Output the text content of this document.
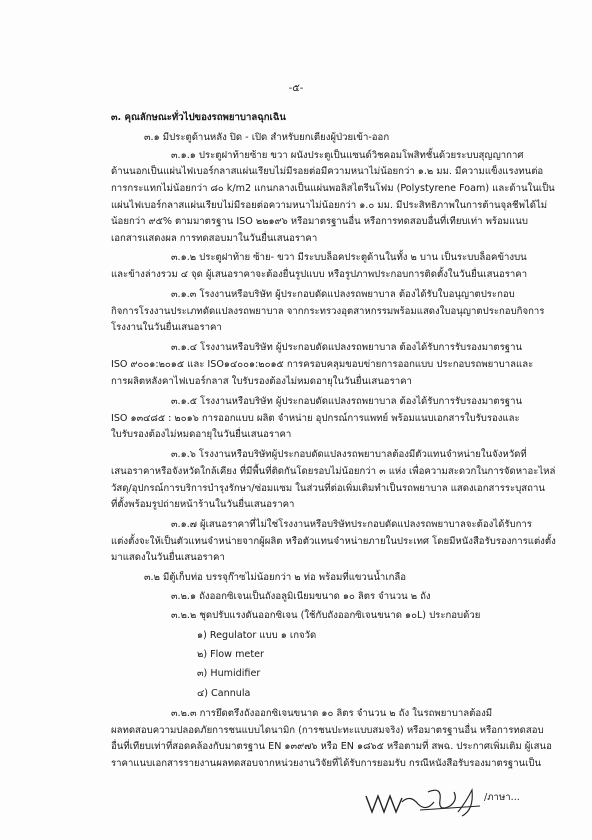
-๕-
๓. คุณลักษณะทั่วไปของรถพยาบาลฉุกเฉิน
๓.๑ มีประตูด้านหลัง ปิด - เปิด สำหรับยกเตียงผู้ป่วยเข้า-ออก
๓.๑.๑ ประตูฝาท้ายซ้าย ขวา ผนังประตูเป็นแซนด์วิชคอมโพสิทชั้นด้วยระบบสุญญากาศ
ด้านนอกเป็นแผ่นไฟเบอร์กลาสแผ่นเรียบไม่มีรอยต่อมีความหนาไม่น้อยกว่า ๑.๒ มม. มีความแข็งแรงทนต่อ
การกระแทกไม่น้อยกว่า ๘๐ k/m2 แกนกลางเป็นแผ่นพอลิสไตรีนโฟม (Polystyrene Foam) และด้านในเป็น
แผ่นไฟเบอร์กลาสแผ่นเรียบไม่มีรอยต่อความหนาไม่น้อยกว่า ๑.๐ มม. มีประสิทธิภาพในการต้านจุลชีพได้ไม่
น้อยกว่า ๙๕% ตามมาตรฐาน ISO ๒๒๑๙๖ หรือมาตรฐานอื่น หรือการทดสอบอื่นที่เทียบเท่า พร้อมแนบ
เอกสารแสดงผล การทดสอบมาในวันยื่นเสนอราคา
๓.๑.๒ ประตูฝาท้าย ซ้าย- ขวา มีระบบล็อคประตูด้านในทั้ง ๒ บาน เป็นระบบล็อคข้างบน
และข้างล่างรวม ๔ จุด ผู้เสนอราคาจะต้องยื่นรูปแบบ หรือรูปภาพประกอบการติดตั้งในวันยื่นเสนอราคา
๓.๑.๓ โรงงานหรือบริษัท ผู้ประกอบดัดแปลงรถพยาบาล ต้องได้รับใบอนุญาตประกอบ
กิจการโรงงานประเภทดัดแปลงรถพยาบาล จากกระทรวงอุตสาหกรรมพร้อมแสดงใบอนุญาตประกอบกิจการ
โรงงานในวันยื่นเสนอราคา
๓.๑.๔ โรงงานหรือบริษัท ผู้ประกอบดัดแปลงรถพยาบาล ต้องได้รับการรับรองมาตรฐาน
ISO ๙๐๐๑:๒๐๑๕ และ ISO๑๔๐๐๑:๒๐๑๕ การครอบคลุมขอบข่ายการออกแบบ ประกอบรถพยาบาลและ
การผลิตหลังคาไฟเบอร์กลาส ใบรับรองต้องไม่หมดอายุในวันยื่นเสนอราคา
๓.๑.๕ โรงงานหรือบริษัท ผู้ประกอบดัดแปลงรถพยาบาล ต้องได้รับการรับรองมาตรฐาน
ISO ๑๓๔๘๕ : ๒๐๑๖ การออกแบบ ผลิต จำหน่าย อุปกรณ์การแพทย์ พร้อมแนบเอกสารใบรับรองและ
ใบรับรองต้องไม่หมดอายุในวันยื่นเสนอราคา
๓.๑.๖ โรงงานหรือบริษัทผู้ประกอบดัดแปลงรถพยาบาลต้องมีตัวแทนจำหน่ายในจังหวัดที่
เสนอราคาหรือจังหวัดใกล้เคียง ที่มีพื้นที่ติดกันโดยรอบไม่น้อยกว่า ๓ แห่ง เพื่อความสะดวกในการจัดหาอะไหล่
วัสดุ/อุปกรณ์การบริการบำรุงรักษา/ซ่อมแซม ในส่วนที่ต่อเพิ่มเติมทำเป็นรถพยาบาล แสดงเอกสารระบุสถาน
ที่ตั้งพร้อมรูปถ่ายหน้าร้านในวันยื่นเสนอราคา
๓.๑.๗ ผู้เสนอราคาที่ไม่ใช่โรงงานหรือบริษัทประกอบดัดแปลงรถพยาบาลจะต้องได้รับการ
แต่งตั้งจะให้เป็นตัวแทนจำหน่ายจากผู้ผลิต หรือตัวแทนจำหน่ายภายในประเทศ โดยมีหนังสือรับรองการแต่งตั้ง
มาแสดงในวันยื่นเสนอราคา
๓.๒ มีตู้เก็บท่อ บรรจุก๊าซไม่น้อยกว่า ๒ ท่อ พร้อมที่แขวนน้ำเกลือ
๓.๒.๑ ถังออกซิเจนเป็นถังอลูมิเนียมขนาด ๑๐ ลิตร จำนวน ๒ ถัง
๓.๒.๒ ชุดปรับแรงดันออกซิเจน (ใช้กับถังออกซิเจนขนาด ๑๐L) ประกอบด้วย
๑) Regulator แบบ ๑ เกจวัด
๒) Flow meter
๓) Humidifier
๔) Cannula
๓.๒.๓ การยึดตรึงถังออกซิเจนขนาด ๑๐ ลิตร จำนวน ๒ ถัง ในรถพยาบาลต้องมี
ผลทดสอบความปลอดภัยการชนแบบไดนามิก (การชนปะทะแบบสมจริง) หรือมาตรฐานอื่น หรือการทดสอบ
อื่นที่เทียบเท่าที่สอดคล้องกับมาตรฐาน EN ๑๓๙๗๖ หรือ EN ๑๘๖๕ หรือตามที่ สพฉ. ประกาศเพิ่มเติม ผู้เสนอ
ราคาแนบเอกสารรายงานผลทดสอบจากหน่วยงานวิจัยที่ได้รับการยอมรับ กรณีหนังสือรับรองมาตรฐานเป็น
/ภาษา...
